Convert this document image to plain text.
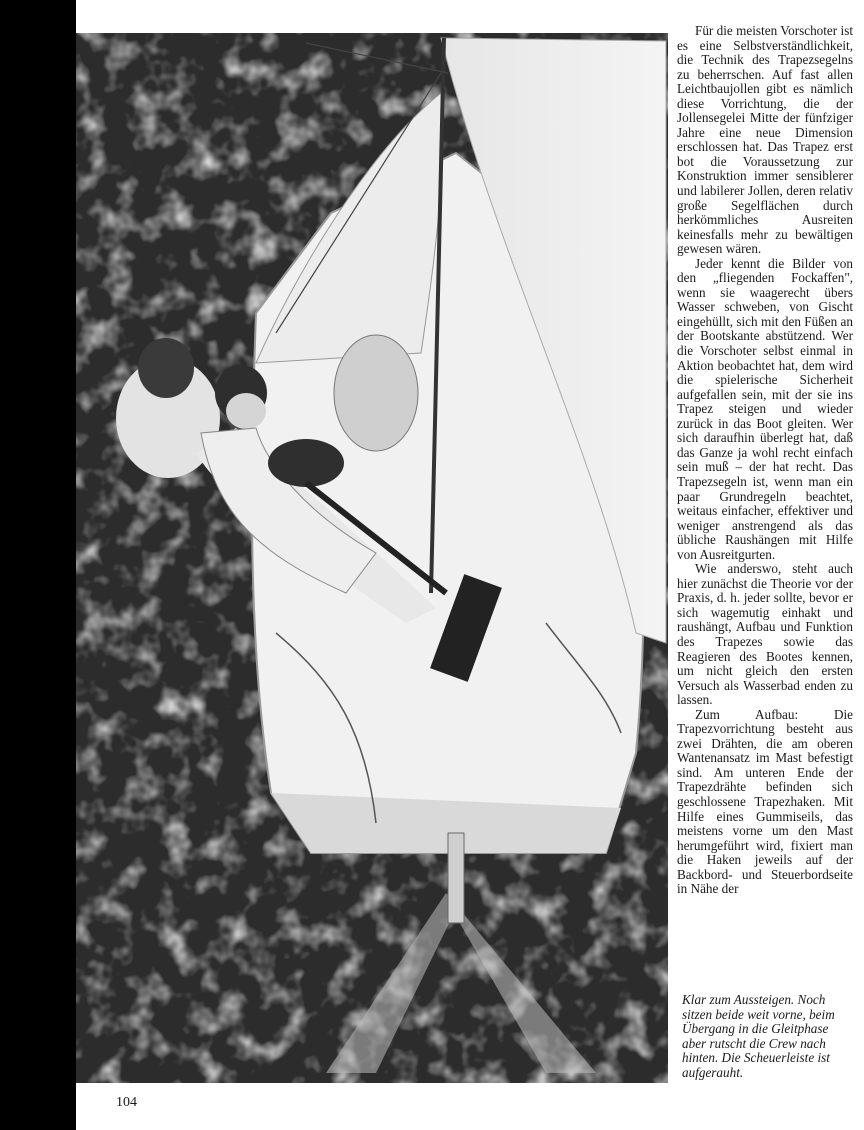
Für die meisten Vorschoter ist es eine Selbstverständlichkeit, die Technik des Trapezsegelns zu beherrschen. Auf fast allen Leichtbaujollen gibt es nämlich diese Vorrichtung, die der Jollensegelei Mitte der fünfziger Jahre eine neue Dimension erschlossen hat. Das Trapez erst bot die Voraussetzung zur Konstruktion immer sensiblerer und labilerer Jollen, deren relativ große Segelflächen durch herkömmliches Ausreiten keinesfalls mehr zu bewältigen gewesen wären.

Jeder kennt die Bilder von den „fliegenden Fockaffen", wenn sie waagerecht übers Wasser schweben, von Gischt eingehüllt, sich mit den Füßen an der Bootskante abstützend. Wer die Vorschoter selbst einmal in Aktion beobachtet hat, dem wird die spielerische Sicherheit aufgefallen sein, mit der sie ins Trapez steigen und wieder zurück in das Boot gleiten. Wer sich daraufhin überlegt hat, daß das Ganze ja wohl recht einfach sein muß – der hat recht. Das Trapezsegeln ist, wenn man ein paar Grundregeln beachtet, weitaus einfacher, effektiver und weniger anstrengend als das übliche Raushängen mit Hilfe von Ausreitgurten.

Wie anderswo, steht auch hier zunächst die Theorie vor der Praxis, d. h. jeder sollte, bevor er sich wagemutig einhakt und raushängt, Aufbau und Funktion des Trapezes sowie das Reagieren des Bootes kennen, um nicht gleich den ersten Versuch als Wasserbad enden zu lassen.

Zum Aufbau: Die Trapezvorrichtung besteht aus zwei Drähten, die am oberen Wantenansatz im Mast befestigt sind. Am unteren Ende der Trapezdrähte befinden sich geschlossene Trapezhaken. Mit Hilfe eines Gummiseils, das meistens vorne um den Mast herumgeführt wird, fixiert man die Haken jeweils auf der Backbord- und Steuerbordseite in Nähe der

Klar zum Aussteigen. Noch sitzen beide weit vorne, beim Übergang in die Gleitphase aber rutscht die Crew nach hinten. Die Scheuerleiste ist aufgerauht.
104
